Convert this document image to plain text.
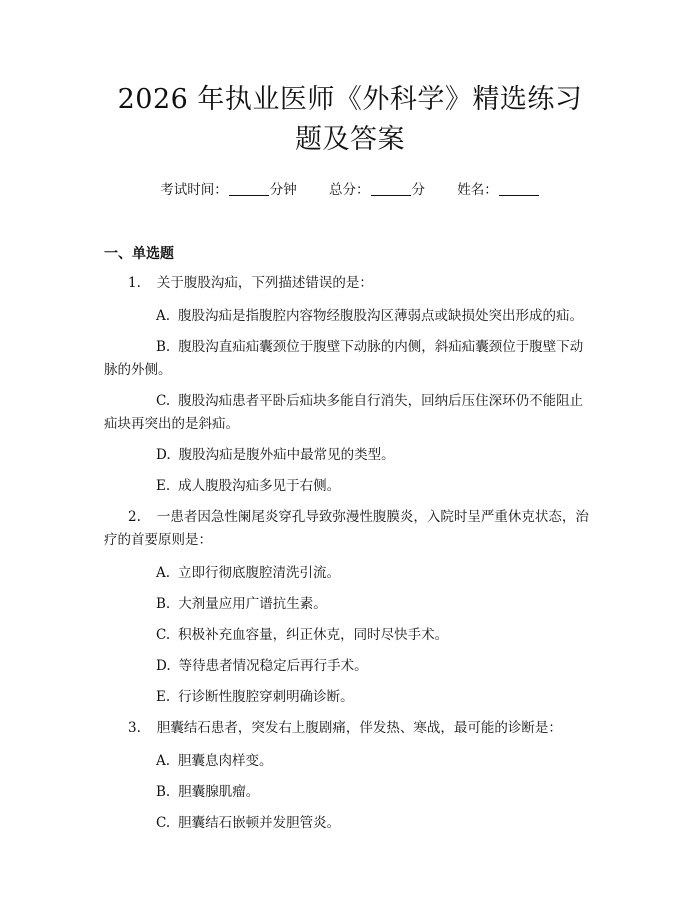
2026 年执业医师《外科学》精选练习题及答案
考试时间：	分钟 总分：	分 姓名：
一、单选题
1. 关于腹股沟疝，下列描述错误的是：
A. 腹股沟疝是指腹腔内容物经腹股沟区薄弱点或缺损处突出形成的疝。
B. 腹股沟直疝疝囊颈位于腹壁下动脉的内侧，斜疝疝囊颈位于腹壁下动脉的外侧。
C. 腹股沟疝患者平卧后疝块多能自行消失，回纳后压住深环仍不能阻止疝块再突出的是斜疝。
D. 腹股沟疝是腹外疝中最常见的类型。
E. 成人腹股沟疝多见于右侧。
2. 一患者因急性阑尾炎穿孔导致弥漫性腹膜炎，入院时呈严重休克状态，治疗的首要原则是：
A. 立即行彻底腹腔清洗引流。
B. 大剂量应用广谱抗生素。
C. 积极补充血容量，纠正休克，同时尽快手术。
D. 等待患者情况稳定后再行手术。
E. 行诊断性腹腔穿刺明确诊断。
3. 胆囊结石患者，突发右上腹剧痛，伴发热、寒战，最可能的诊断是：
A. 胆囊息肉样变。
B. 胆囊腺肌瘤。
C. 胆囊结石嵌顿并发胆管炎。
